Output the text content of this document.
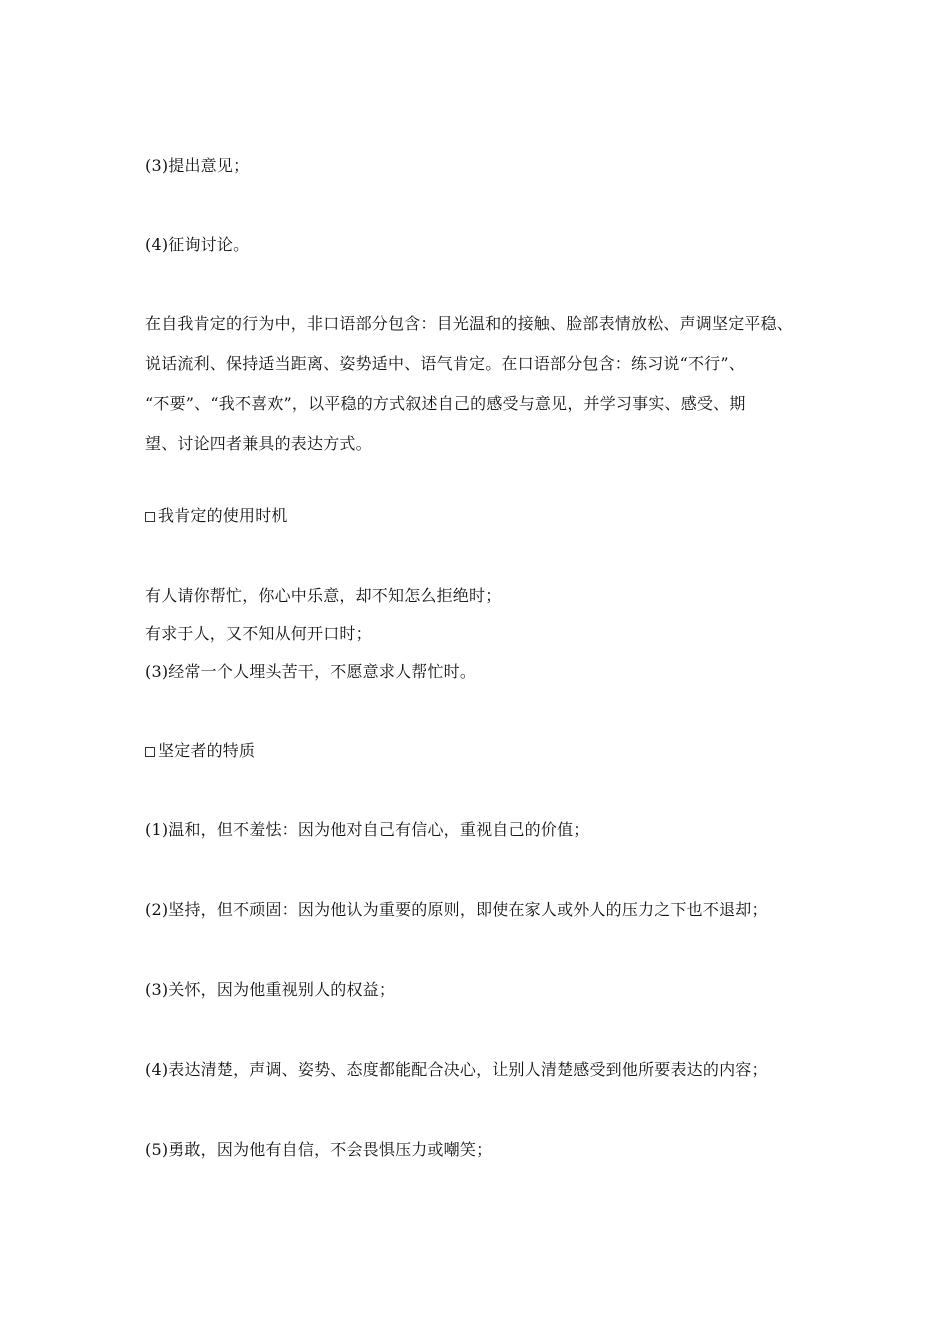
(3)提出意见；
(4)征询讨论。
在自我肯定的行为中，非口语部分包含：目光温和的接触、脸部表情放松、声调坚定平稳、
说话流利、保持适当距离、姿势适中、语气肯定。在口语部分包含：练习说“不行”、
“不要”、“我不喜欢”，以平稳的方式叙述自己的感受与意见，并学习事实、感受、期
望、讨论四者兼具的表达方式。
我肯定的使用时机
有人请你帮忙，你心中乐意，却不知怎么拒绝时；
有求于人，又不知从何开口时；
(3)经常一个人埋头苦干，不愿意求人帮忙时。
坚定者的特质
(1)温和，但不羞怯：因为他对自己有信心，重视自己的价值；
(2)坚持，但不顽固：因为他认为重要的原则，即使在家人或外人的压力之下也不退却；
(3)关怀，因为他重视别人的权益；
(4)表达清楚，声调、姿势、态度都能配合决心，让别人清楚感受到他所要表达的内容；
(5)勇敢，因为他有自信，不会畏惧压力或嘲笑；
